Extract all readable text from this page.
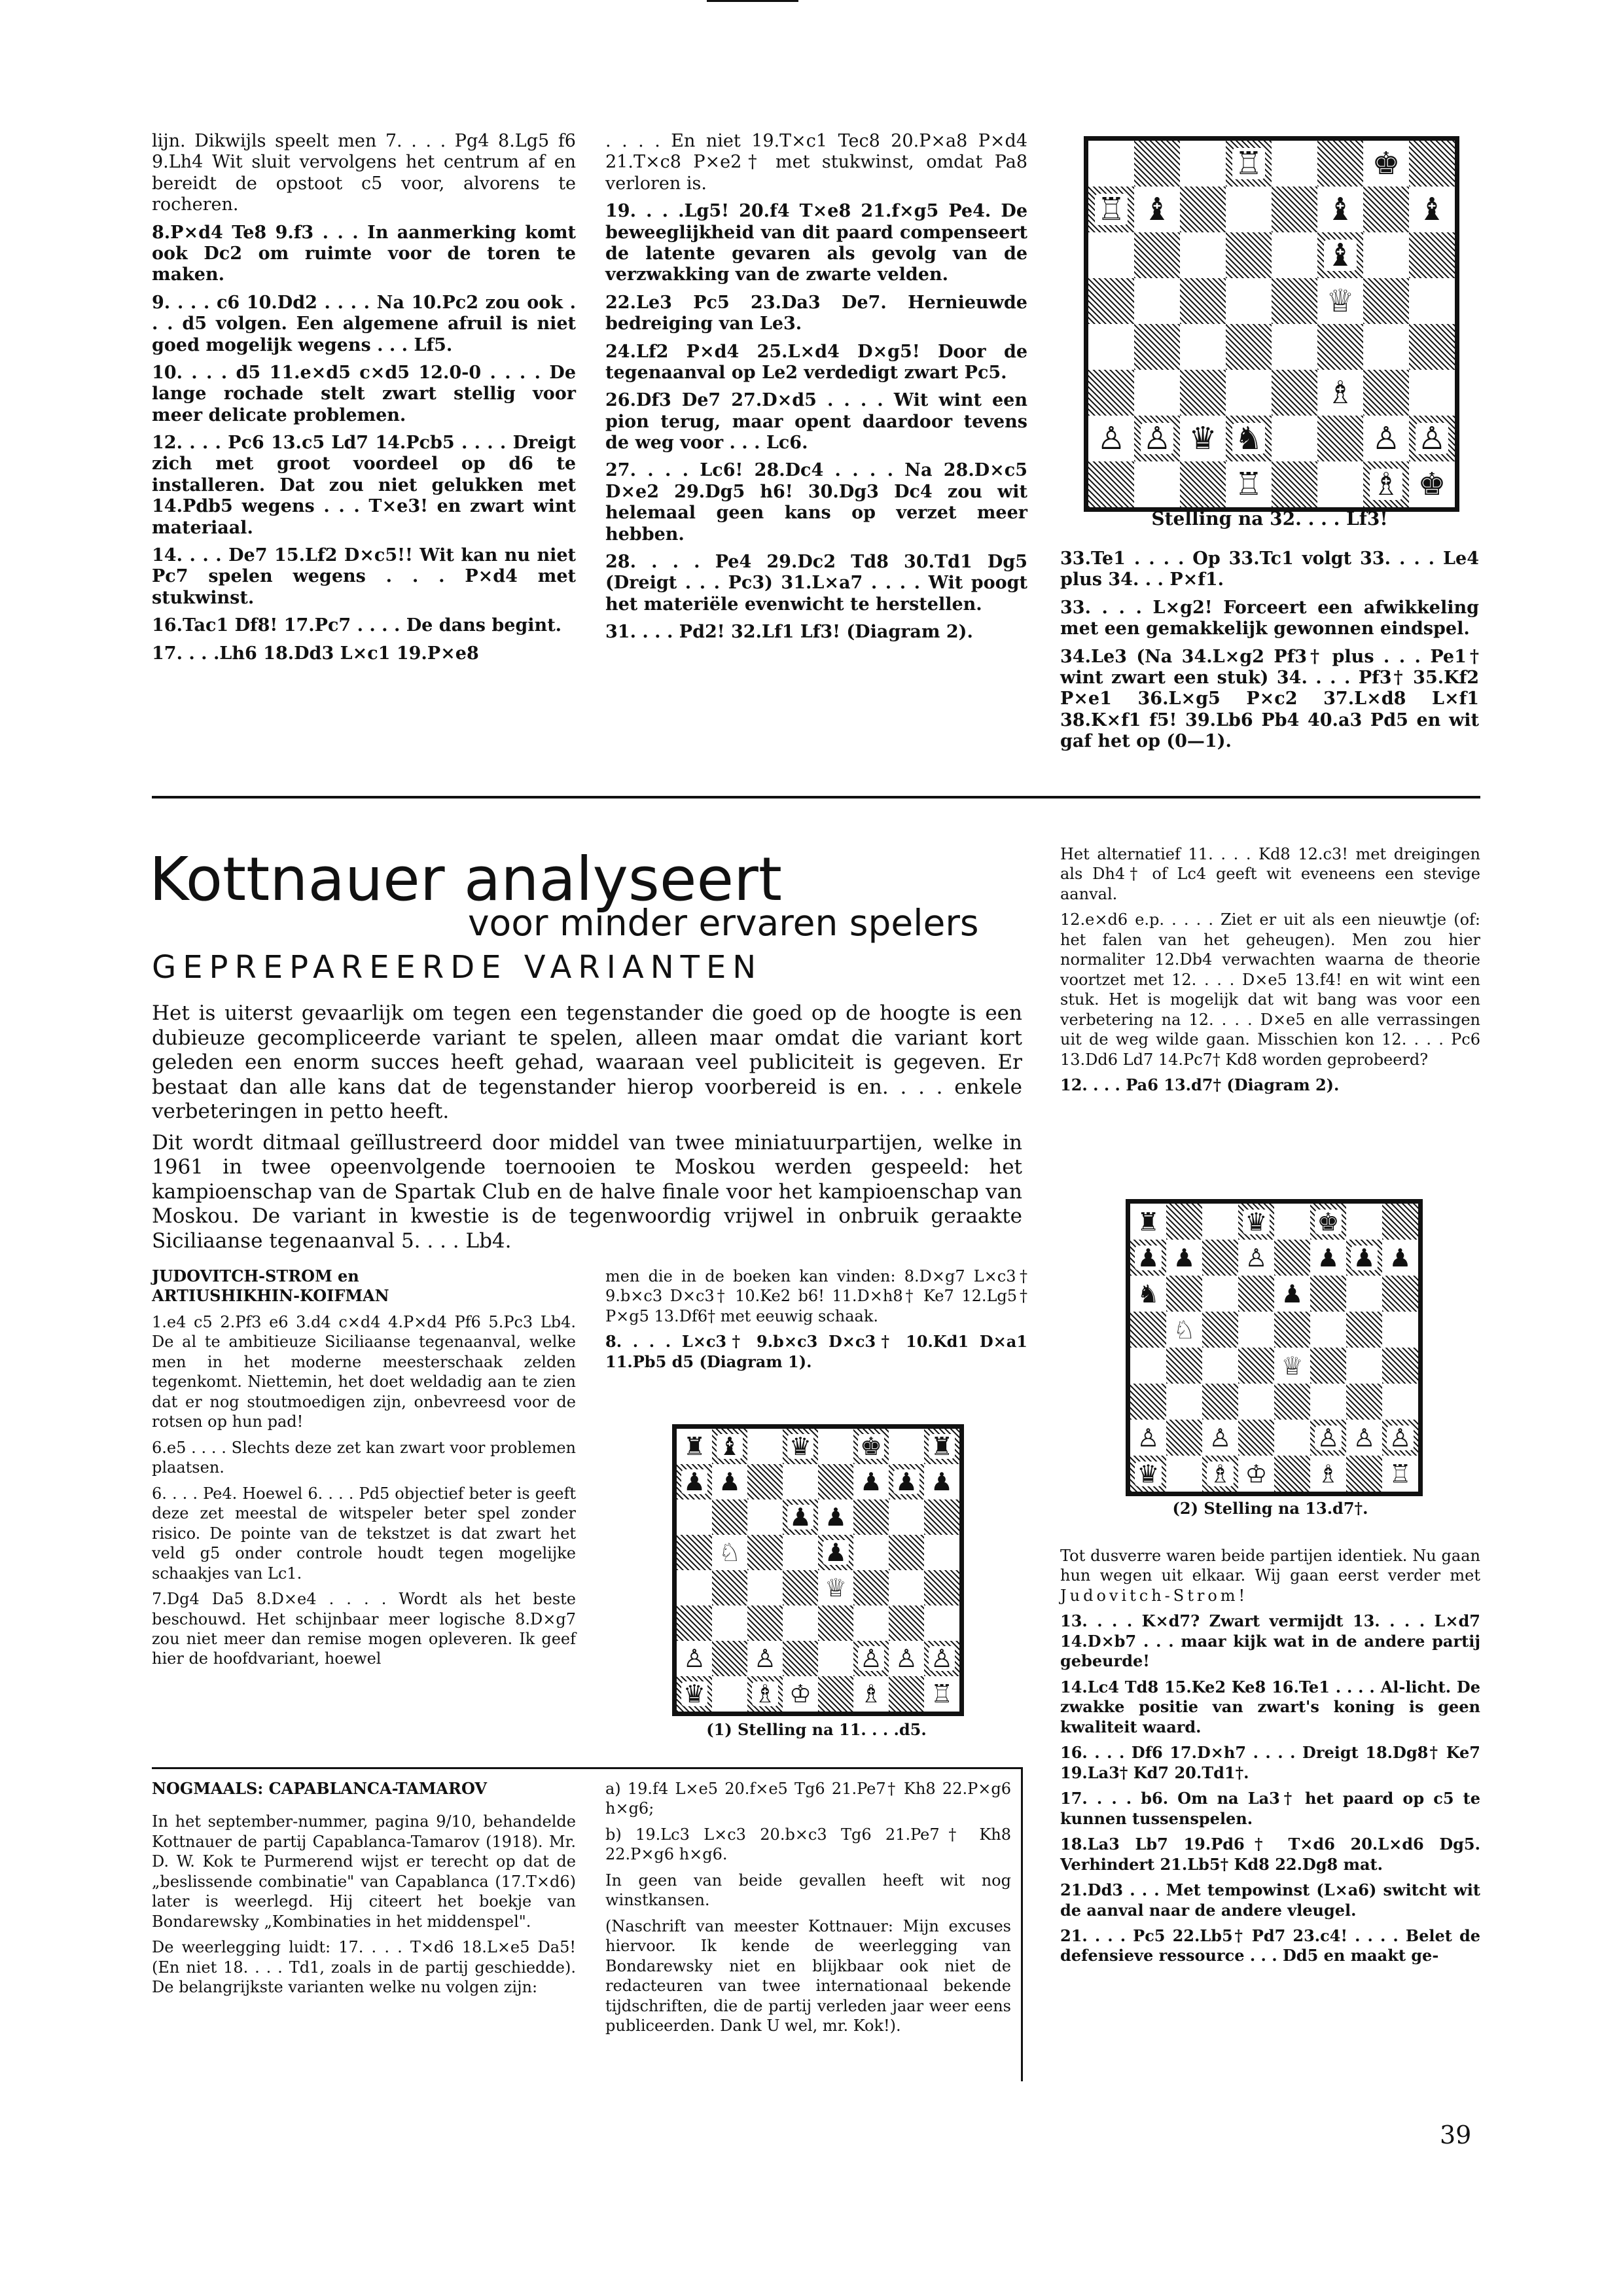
lijn. Dikwijls speelt men 7. . . . Pg4 8.Lg5 f6 9.Lh4 Wit sluit vervolgens het centrum af en bereidt de opstoot c5 voor, alvorens te rocheren.

8.P×d4 Te8 9.f3 . . . In aanmerking komt ook Dc2 om ruimte voor de toren te maken.

9. . . . c6 10.Dd2 . . . . Na 10.Pc2 zou ook . . . d5 volgen. Een algemene afruil is niet goed mogelijk wegens . . . Lf5.

10. . . . d5 11.e×d5 c×d5 12.0-0 . . . . De lange rochade stelt zwart stellig voor meer delicate problemen.

12. . . . Pc6 13.c5 Ld7 14.Pcb5 . . . . Dreigt zich met groot voordeel op d6 te installeren. Dat zou niet gelukken met 14.Pdb5 wegens . . . T×e3! en zwart wint materiaal.

14. . . . De7 15.Lf2 D×c5!! Wit kan nu niet Pc7 spelen wegens . . . P×d4 met stukwinst.

16.Tac1 Df8! 17.Pc7 . . . . De dans begint.

17. . . .Lh6 18.Dd3 L×c1 19.P×e8

. . . . En niet 19.T×c1 Tec8 20.P×a8 P×d4 21.T×c8 P×e2† met stukwinst, omdat Pa8 verloren is.

19. . . .Lg5! 20.f4 T×e8 21.f×g5 Pe4. De beweeglijkheid van dit paard compenseert de latente gevaren als gevolg van de verzwakking van de zwarte velden.

22.Le3 Pc5 23.Da3 De7. Hernieuwde bedreiging van Le3.

24.Lf2 P×d4 25.L×d4 D×g5! Door de tegenaanval op Le2 verdedigt zwart Pc5.

26.Df3 De7 27.D×d5 . . . . Wit wint een pion terug, maar opent daardoor tevens de weg voor . . . Lc6.

27. . . . Lc6! 28.Dc4 . . . . Na 28.D×c5 D×e2 29.Dg5 h6! 30.Dg3 Dc4 zou wit helemaal geen kans op verzet meer hebben.

28. . . . Pe4 29.Dc2 Td8 30.Td1 Dg5 (Dreigt . . . Pc3) 31.L×a7 . . . . Wit poogt het materiële evenwicht te herstellen.

31. . . . Pd2! 32.Lf1 Lf3! (Diagram 2).

♖	♚
♖ ♝	♝ ♝
♝
♕
♗
♙ ♙ ♛ ♞	♙ ♙
♖	♗ ♚
Stelling na 32. . . . Lf3!

33.Te1 . . . . Op 33.Tc1 volgt 33. . . . Le4 plus 34. . . P×f1.

33. . . . L×g2! Forceert een afwikkeling met een gemakkelijk gewonnen eindspel.

34.Le3 (Na 34.L×g2 Pf3† plus . . . Pe1† wint zwart een stuk) 34. . . . Pf3† 35.Kf2 P×e1 36.L×g5 P×c2 37.L×d8 L×f1 38.K×f1 f5! 39.Lb6 Pb4 40.a3 Pd5 en wit gaf het op (0—1).

Kottnauer analyseert
voor minder ervaren spelers
GEPREPAREERDE VARIANTEN

Het is uiterst gevaarlijk om tegen een tegenstander die goed op de hoogte is een dubieuze gecompliceerde variant te spelen, alleen maar omdat die variant kort geleden een enorm succes heeft gehad, waaraan veel publiciteit is gegeven. Er bestaat dan alle kans dat de tegenstander hierop voorbereid is en. . . . enkele verbeteringen in petto heeft.

Dit wordt ditmaal geïllustreerd door middel van twee miniatuurpartijen, welke in 1961 in twee opeenvolgende toernooien te Moskou werden gespeeld: het kampioenschap van de Spartak Club en de halve finale voor het kampioenschap van Moskou. De variant in kwestie is de tegenwoordig vrijwel in onbruik geraakte Siciliaanse tegenaanval 5. . . . Lb4.

JUDOVITCH-STROM en

ARTIUSHIKHIN-KOIFMAN

1.e4 c5 2.Pf3 e6 3.d4 c×d4 4.P×d4 Pf6 5.Pc3 Lb4. De al te ambitieuze Siciliaanse tegenaanval, welke men in het moderne meesterschaak zelden tegenkomt. Niettemin, het doet weldadig aan te zien dat er nog stoutmoedigen zijn, onbevreesd voor de rotsen op hun pad!

6.e5 . . . . Slechts deze zet kan zwart voor problemen plaatsen.

6. . . . Pe4. Hoewel 6. . . . Pd5 objectief beter is geeft deze zet meestal de witspeler beter spel zonder risico. De pointe van de tekstzet is dat zwart het veld g5 onder controle houdt tegen mogelijke schaakjes van Lc1.

7.Dg4 Da5 8.D×e4 . . . . Wordt als het beste beschouwd. Het schijnbaar meer logische 8.D×g7 zou niet meer dan remise mogen opleveren. Ik geef hier de hoofdvariant, hoewel

men die in de boeken kan vinden: 8.D×g7 L×c3† 9.b×c3 D×c3† 10.Ke2 b6! 11.D×h8† Ke7 12.Lg5† P×g5 13.Df6† met eeuwig schaak.

8. . . . L×c3† 9.b×c3 D×c3† 10.Kd1 D×a1 11.Pb5 d5 (Diagram 1).

♜ ♝ ♛ ♚ ♜
♟ ♟	♟ ♟ ♟
♟ ♟
♘	♟
♕
♙ ♙	♙ ♙ ♙
♛ ♗ ♔ ♗ ♖
(1) Stelling na 11. . . .d5.

Het alternatief 11. . . . Kd8 12.c3! met dreigingen als Dh4† of Lc4 geeft wit eveneens een stevige aanval.

12.e×d6 e.p. . . . . Ziet er uit als een nieuwtje (of: het falen van het geheugen). Men zou hier normaliter 12.Db4 verwachten waarna de theorie voortzet met 12. . . . D×e5 13.f4! en wit wint een stuk. Het is mogelijk dat wit bang was voor een verbetering na 12. . . . D×e5 en alle verrassingen uit de weg wilde gaan. Misschien kon 12. . . . Pc6 13.Dd6 Ld7 14.Pc7† Kd8 worden geprobeerd?

12. . . . Pa6 13.d7† (Diagram 2).

♜	♛ ♚
♟ ♟ ♙ ♟ ♟ ♟
♞	♟
♘
♕
♙ ♙	♙ ♙ ♙
♛ ♗ ♔ ♗ ♖
(2) Stelling na 13.d7†.

Tot dusverre waren beide partijen identiek. Nu gaan hun wegen uit elkaar. Wij gaan eerst verder met Judovitch-Strom!

13. . . . K×d7? Zwart vermijdt 13. . . . L×d7 14.D×b7 . . . maar kijk wat in de andere partij gebeurde!

14.Lc4 Td8 15.Ke2 Ke8 16.Te1 . . . . Al-licht. De zwakke positie van zwart's koning is geen kwaliteit waard.

16. . . . Df6 17.D×h7 . . . . Dreigt 18.Dg8† Ke7 19.La3† Kd7 20.Td1†.

17. . . . b6. Om na La3† het paard op c5 te kunnen tussenspelen.

18.La3 Lb7 19.Pd6† T×d6 20.L×d6 Dg5. Verhindert 21.Lb5† Kd8 22.Dg8 mat.

21.Dd3 . . . Met tempowinst (L×a6) switcht wit de aanval naar de andere vleugel.

21. . . . Pc5 22.Lb5† Pd7 23.c4! . . . . Belet de defensieve ressource . . . Dd5 en maakt ge-

NOGMAALS: CAPABLANCA-TAMAROV

In het september-nummer, pagina 9/10, behandelde Kottnauer de partij Capablanca-Tamarov (1918). Mr. D. W. Kok te Purmerend wijst er terecht op dat de „beslissende combinatie" van Capablanca (17.T×d6) later is weerlegd. Hij citeert het boekje van Bondarewsky „Kombinaties in het middenspel".

De weerlegging luidt: 17. . . . T×d6 18.L×e5 Da5! (En niet 18. . . . Td1, zoals in de partij geschiedde). De belangrijkste varianten welke nu volgen zijn:

a) 19.f4 L×e5 20.f×e5 Tg6 21.Pe7† Kh8 22.P×g6 h×g6;

b) 19.Lc3 L×c3 20.b×c3 Tg6 21.Pe7† Kh8 22.P×g6 h×g6.

In geen van beide gevallen heeft wit nog winstkansen.

(Naschrift van meester Kottnauer: Mijn excuses hiervoor. Ik kende de weerlegging van Bondarewsky niet en blijkbaar ook niet de redacteuren van twee internationaal bekende tijdschriften, die de partij verleden jaar weer eens publiceerden. Dank U wel, mr. Kok!).

39
